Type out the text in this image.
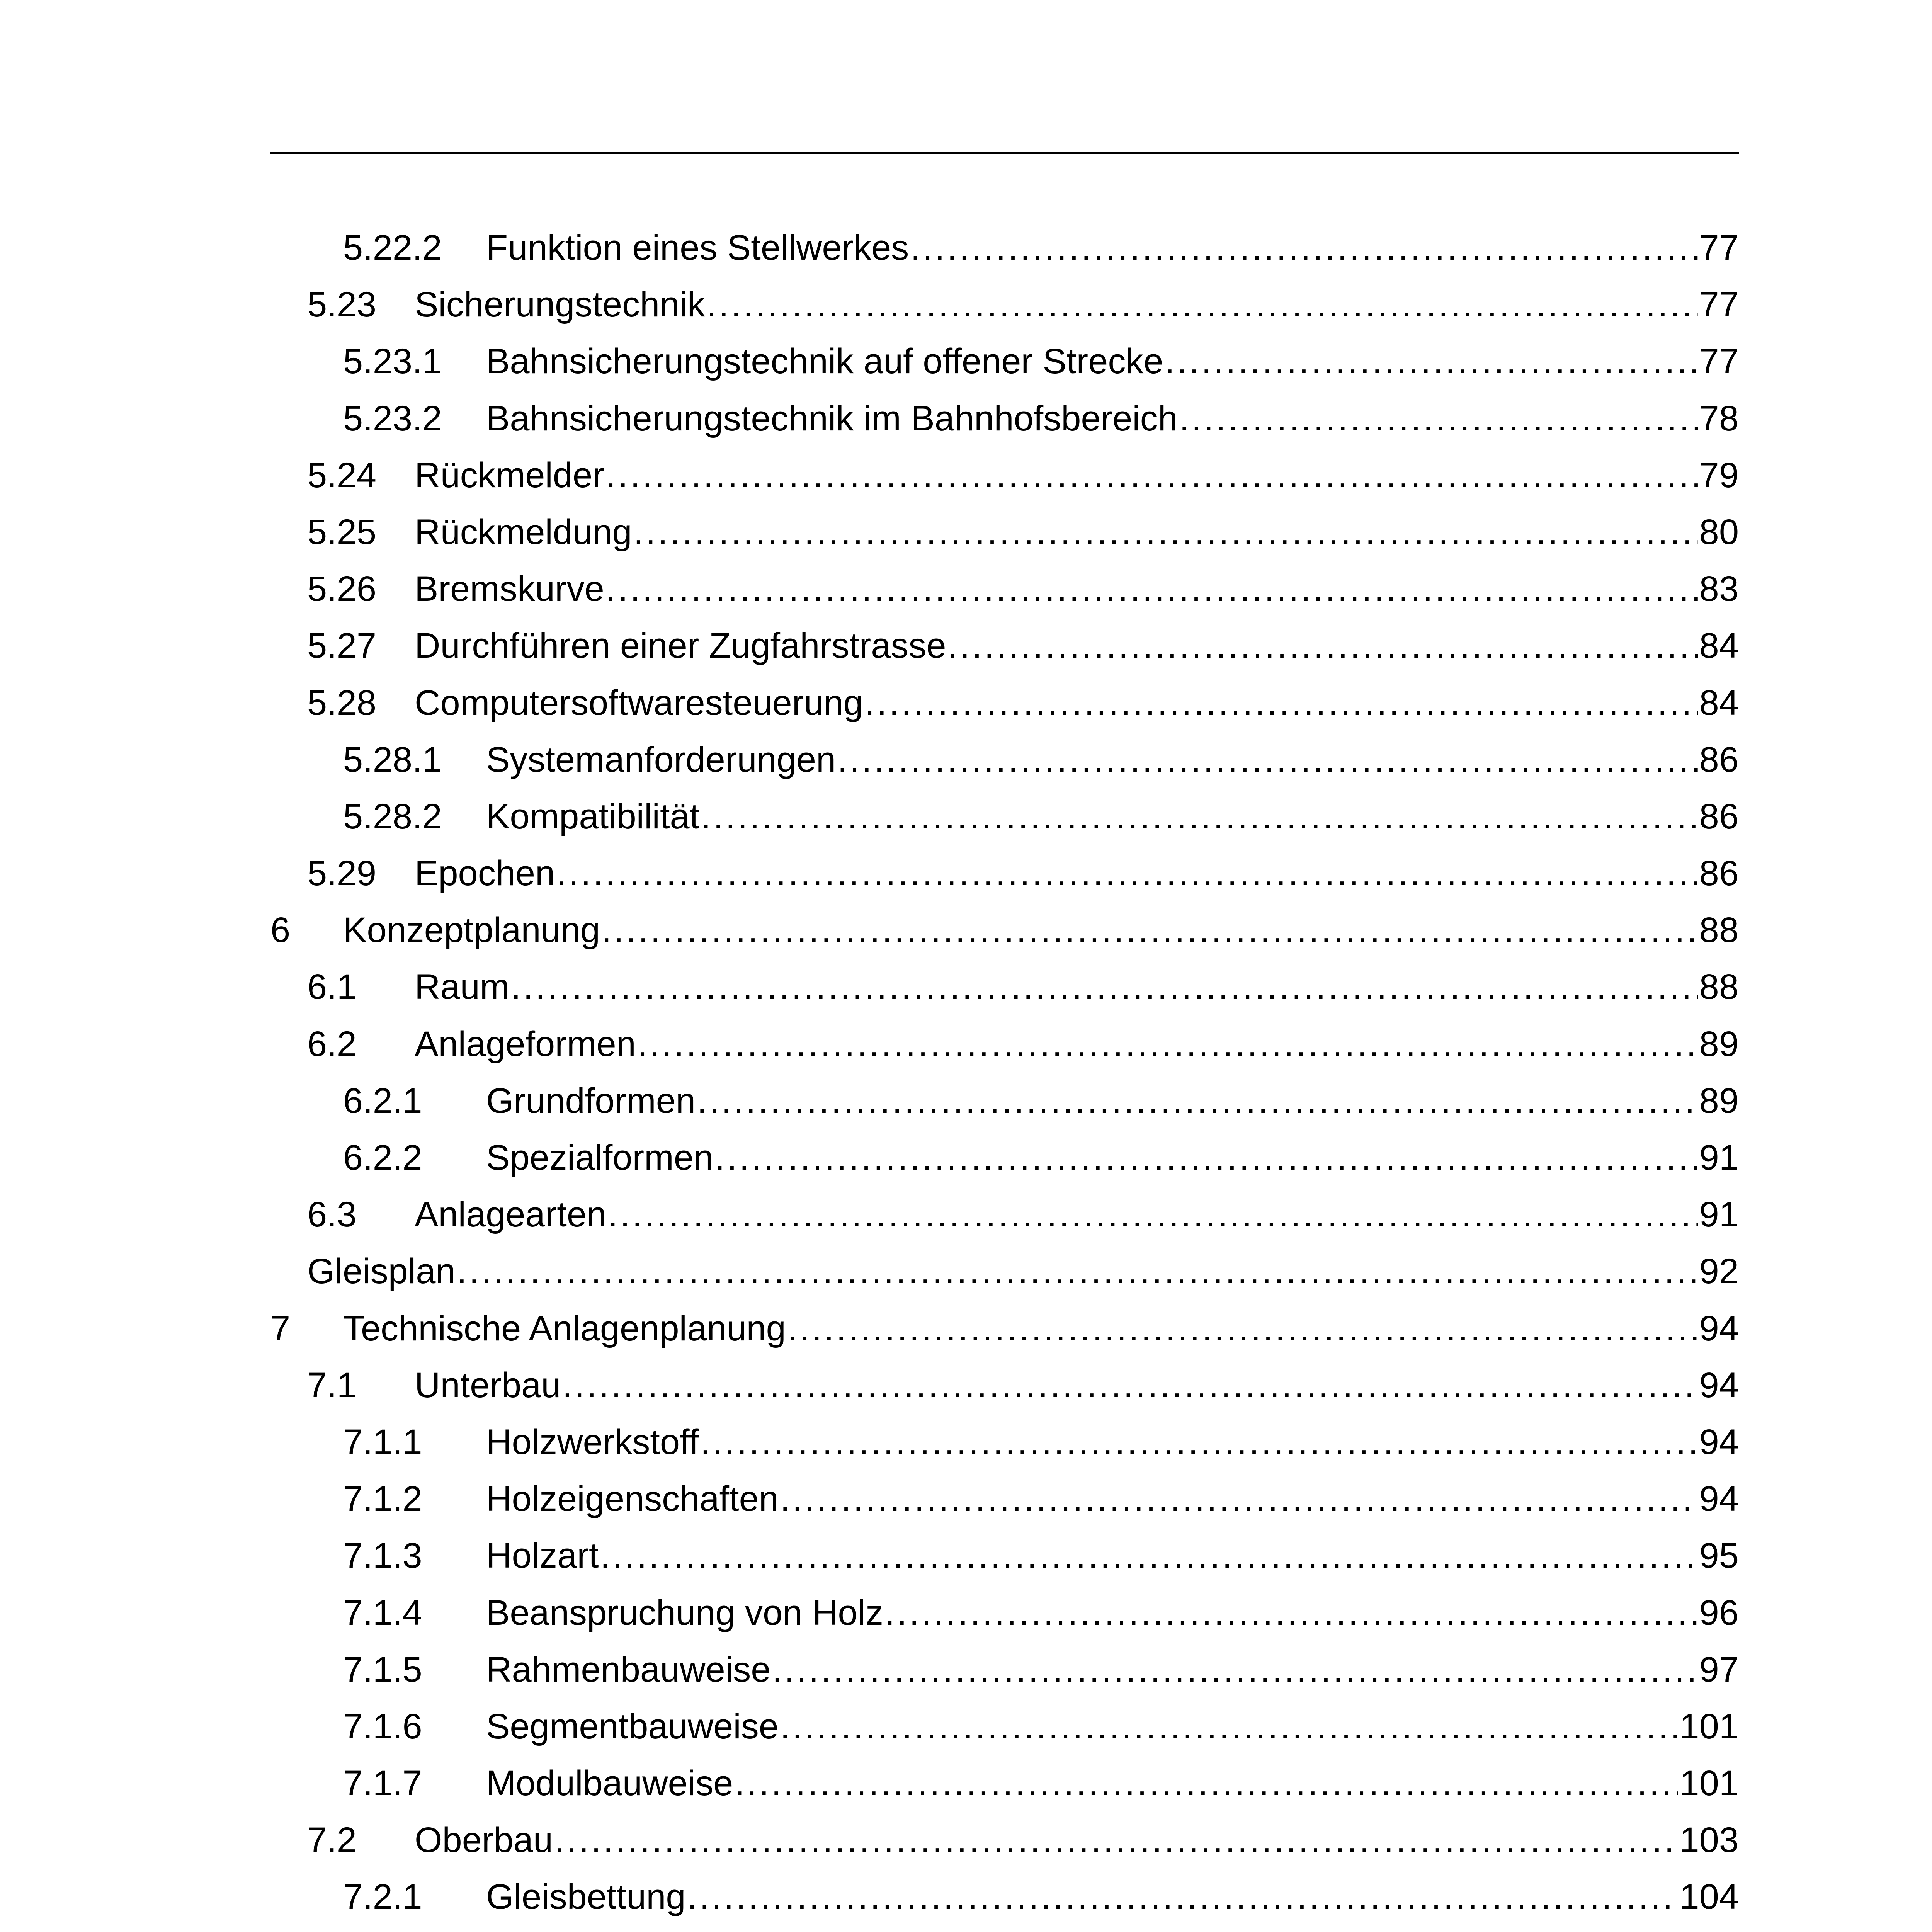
5.22.2 Funktion eines Stellwerkes .....	77
5.23 Sicherungstechnik .....	77
5.23.1 Bahnsicherungstechnik auf offener Strecke .....	77
5.23.2 Bahnsicherungstechnik im Bahnhofsbereich .....	78
5.24 Rückmelder .....	79
5.25 Rückmeldung .....	80
5.26 Bremskurve .....	83
5.27 Durchführen einer Zugfahrstrasse .....	84
5.28 Computersoftwaresteuerung .....	84
5.28.1 Systemanforderungen .....	86
5.28.2 Kompatibilität .....	86
5.29 Epochen .....	86
6 Konzeptplanung .....	88
6.1 Raum .....	88
6.2 Anlageformen .....	89
6.2.1 Grundformen .....	89
6.2.2 Spezialformen .....	91
6.3 Anlagearten .....	91
Gleisplan .....	92
7 Technische Anlagenplanung .....	94
7.1 Unterbau .....	94
7.1.1 Holzwerkstoff .....	94
7.1.2 Holzeigenschaften .....	94
7.1.3 Holzart .....	95
7.1.4 Beanspruchung von Holz .....	96
7.1.5 Rahmenbauweise .....	97
7.1.6 Segmentbauweise .....	101
7.1.7 Modulbauweise .....	101
7.2 Oberbau .....	103
7.2.1 Gleisbettung .....	104
.....
